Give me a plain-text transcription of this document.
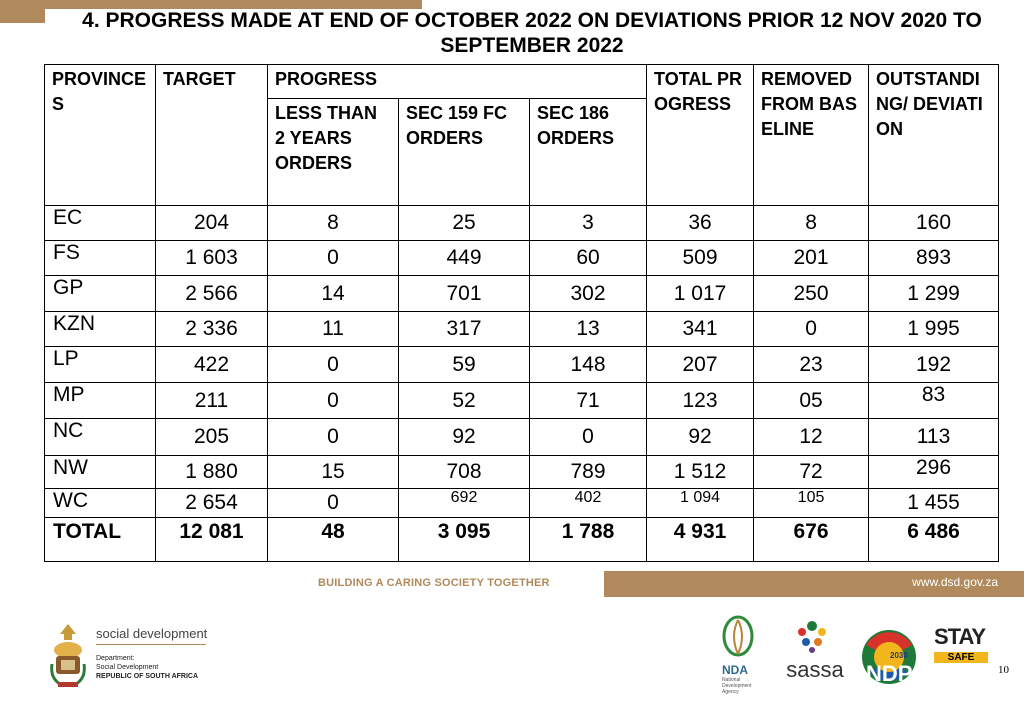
4. PROGRESS MADE AT END OF OCTOBER 2022 ON DEVIATIONS PRIOR 12 NOV 2020 TO SEPTEMBER 2022
PROVINCES	TARGET	PROGRESS			TOTAL PROGRESS	REMOVED FROM BASELINE	OUTSTANDING/ DEVIATION
		LESS THAN 2 YEARS ORDERS	SEC 159 FC ORDERS	SEC 186 ORDERS			
EC	204	8	25	3	36	8	160
FS	1 603	0	449	60	509	201	893
GP	2 566	14	701	302	1 017	250	1 299
KZN	2 336	11	317	13	341	0	1 995
LP	422	0	59	148	207	23	192
MP	211	0	52	71	123	05	83
NC	205	0	92	0	92	12	113
NW	1 880	15	708	789	1 512	72	296
WC	2 654	0	692	402	1 094	105	1 455
TOTAL	12 081	48	3 095	1 788	4 931	676	6 486
BUILDING A CARING SOCIETY TOGETHER	www.dsd.gov.za
social development
Department:
Social Development
REPUBLIC OF SOUTH AFRICA	NDA
National Development Agency
sassa NDP
2030
STAY
SAFE
10
